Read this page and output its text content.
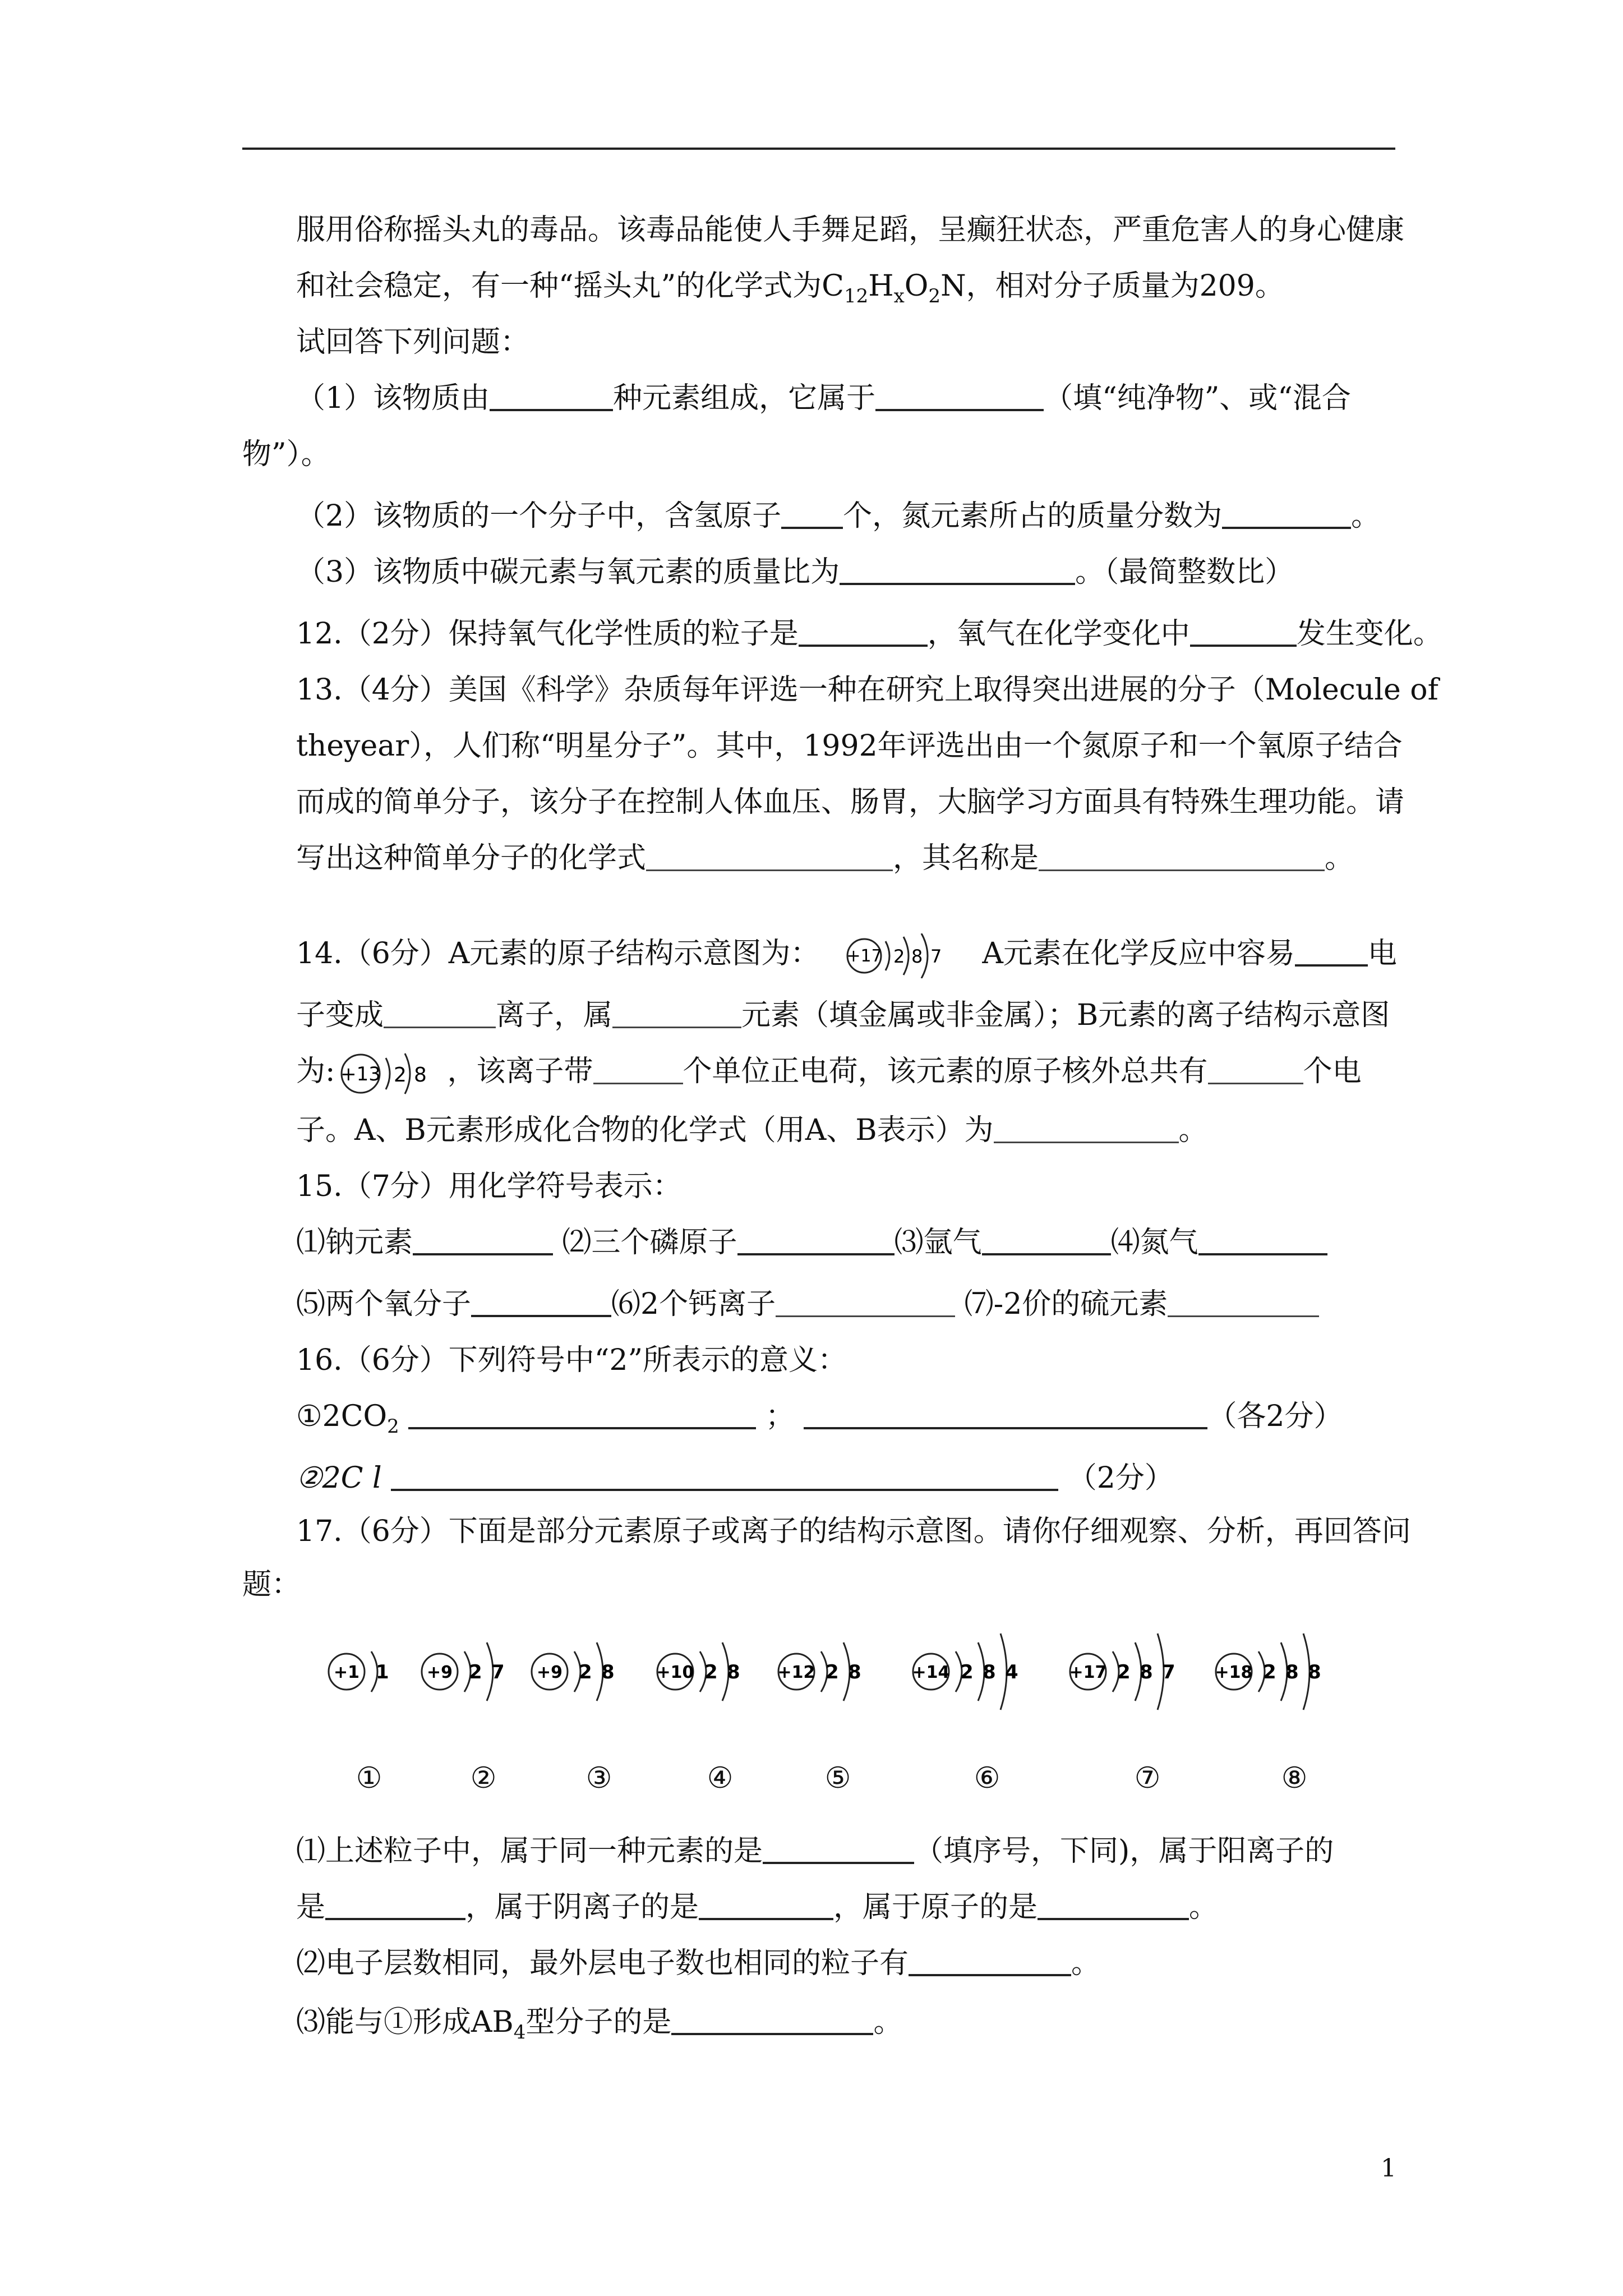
服用俗称摇头丸的毒品。该毒品能使人手舞足蹈，呈癫狂状态，严重危害人的身心健康
和社会稳定，有一种“摇头丸”的化学式为$C_{12}H_xO_2N$，相对分子质量为209。
试回答下列问题：
（1）该物质由	种元素组成，它属于	（填“纯净物”、或“混合
物”）。
（2）该物质的一个分子中，含氢原子 个，氮元素所占的质量分数为	。
（3）该物质中碳元素与氧元素的质量比为	。（最简整数比）
12.（2分）保持氧气化学性质的粒子是	，氧气在化学变化中	发生变化。
13.（4分）美国《科学》杂质每年评选一种在研究上取得突出进展的分子（Molecule of
theyear），人们称“明星分子”。其中，1992年评选出由一个氮原子和一个氧原子结合
而成的简单分子，该分子在控制人体血压、肠胃，大脑学习方面具有特殊生理功能。请
写出这种简单分子的化学式	，其名称是	。
14.（6分）A元素的原子结构示意图为： +17 2 8 7 A元素在化学反应中容易	电
子变成	离子，属	元素（填金属或非金属）；B元素的离子结构示意图
为: +13 2 8 ，该离子带	个单位正电荷，该元素的原子核外总共有	个电
子。A、B元素形成化合物的化学式（用A、B表示）为	。
15.（7分）用化学符号表示：
⑴钠元素	⑵三个磷原子	⑶氩气	⑷氮气
⑸两个氧分子	⑹2个钙离子	⑺-2价的硫元素
16.（6分）下列符号中“2”所表示的意义：
$①2CO_2$	；	（各2分）
②2C l	（2分）
17.（6分）下面是部分元素原子或离子的结构示意图。请你仔细观察、分析，再回答问
题：
+1 1 +9 2 7 +9 2 8 +10 2 8 +12 2 8	+14 2 8 4	+17 2 8 7 +18 2 8 8
①	②	③	④	⑤	⑥	⑦	⑧
⑴上述粒子中，属于同一种元素的是	（填序号，下同)，属于阳离子的
是	，属于阴离子的是	，属于原子的是	。
⑵电子层数相同，最外层电子数也相同的粒子有	。
⑶能与①形成$AB_4$型分子的是	。
1
